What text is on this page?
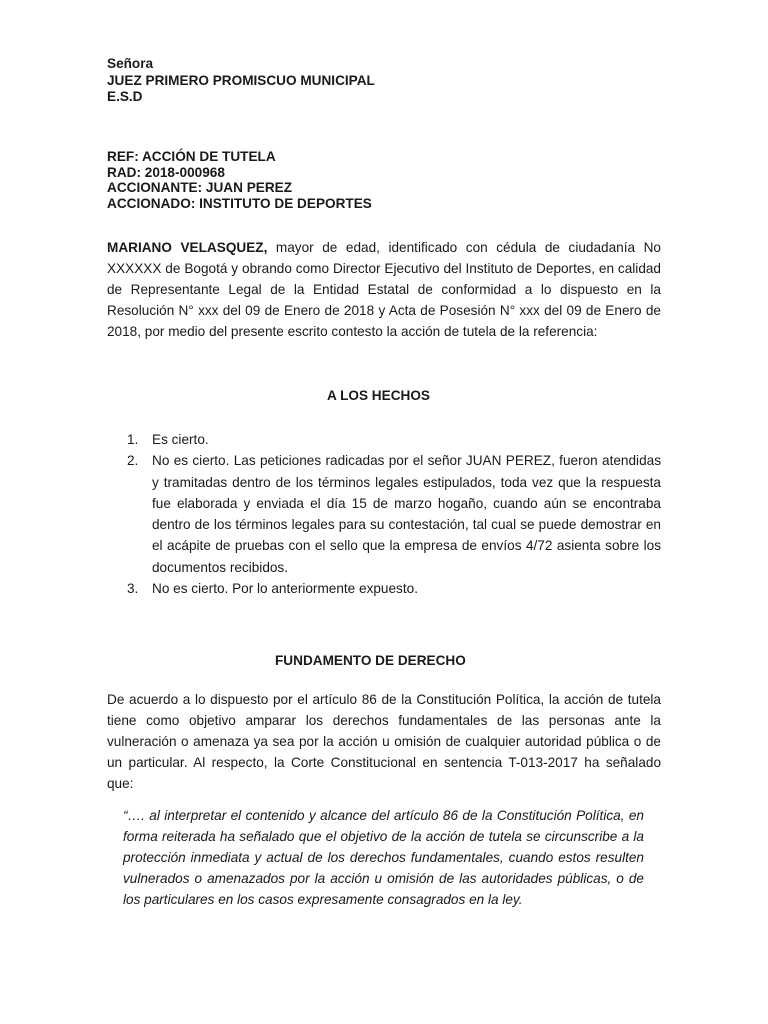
Señora
JUEZ PRIMERO PROMISCUO MUNICIPAL
E.S.D
REF: ACCIÓN DE TUTELA
RAD: 2018-000968
ACCIONANTE: JUAN PEREZ
ACCIONADO: INSTITUTO DE DEPORTES
MARIANO VELASQUEZ, mayor de edad, identificado con cédula de ciudadanía No XXXXXX de Bogotá y obrando como Director Ejecutivo del Instituto de Deportes, en calidad de Representante Legal de la Entidad Estatal de conformidad a lo dispuesto en la Resolución N° xxx del 09 de Enero de 2018 y Acta de Posesión N° xxx del 09 de Enero de 2018, por medio del presente escrito contesto la acción de tutela de la referencia:
A LOS HECHOS
1. Es cierto.
2. No es cierto. Las peticiones radicadas por el señor JUAN PEREZ, fueron atendidas y tramitadas dentro de los términos legales estipulados, toda vez que la respuesta fue elaborada y enviada el día 15 de marzo hogaño, cuando aún se encontraba dentro de los términos legales para su contestación, tal cual se puede demostrar en el acápite de pruebas con el sello que la empresa de envíos 4/72 asienta sobre los documentos recibidos.
3. No es cierto. Por lo anteriormente expuesto.
FUNDAMENTO DE DERECHO
De acuerdo a lo dispuesto por el artículo 86 de la Constitución Política, la acción de tutela tiene como objetivo amparar los derechos fundamentales de las personas ante la vulneración o amenaza ya sea por la acción u omisión de cualquier autoridad pública o de un particular. Al respecto, la Corte Constitucional en sentencia T-013-2017 ha señalado que:
“…. al interpretar el contenido y alcance del artículo 86 de la Constitución Política, en forma reiterada ha señalado que el objetivo de la acción de tutela se circunscribe a la protección inmediata y actual de los derechos fundamentales, cuando estos resulten vulnerados o amenazados por la acción u omisión de las autoridades públicas, o de los particulares en los casos expresamente consagrados en la ley.
